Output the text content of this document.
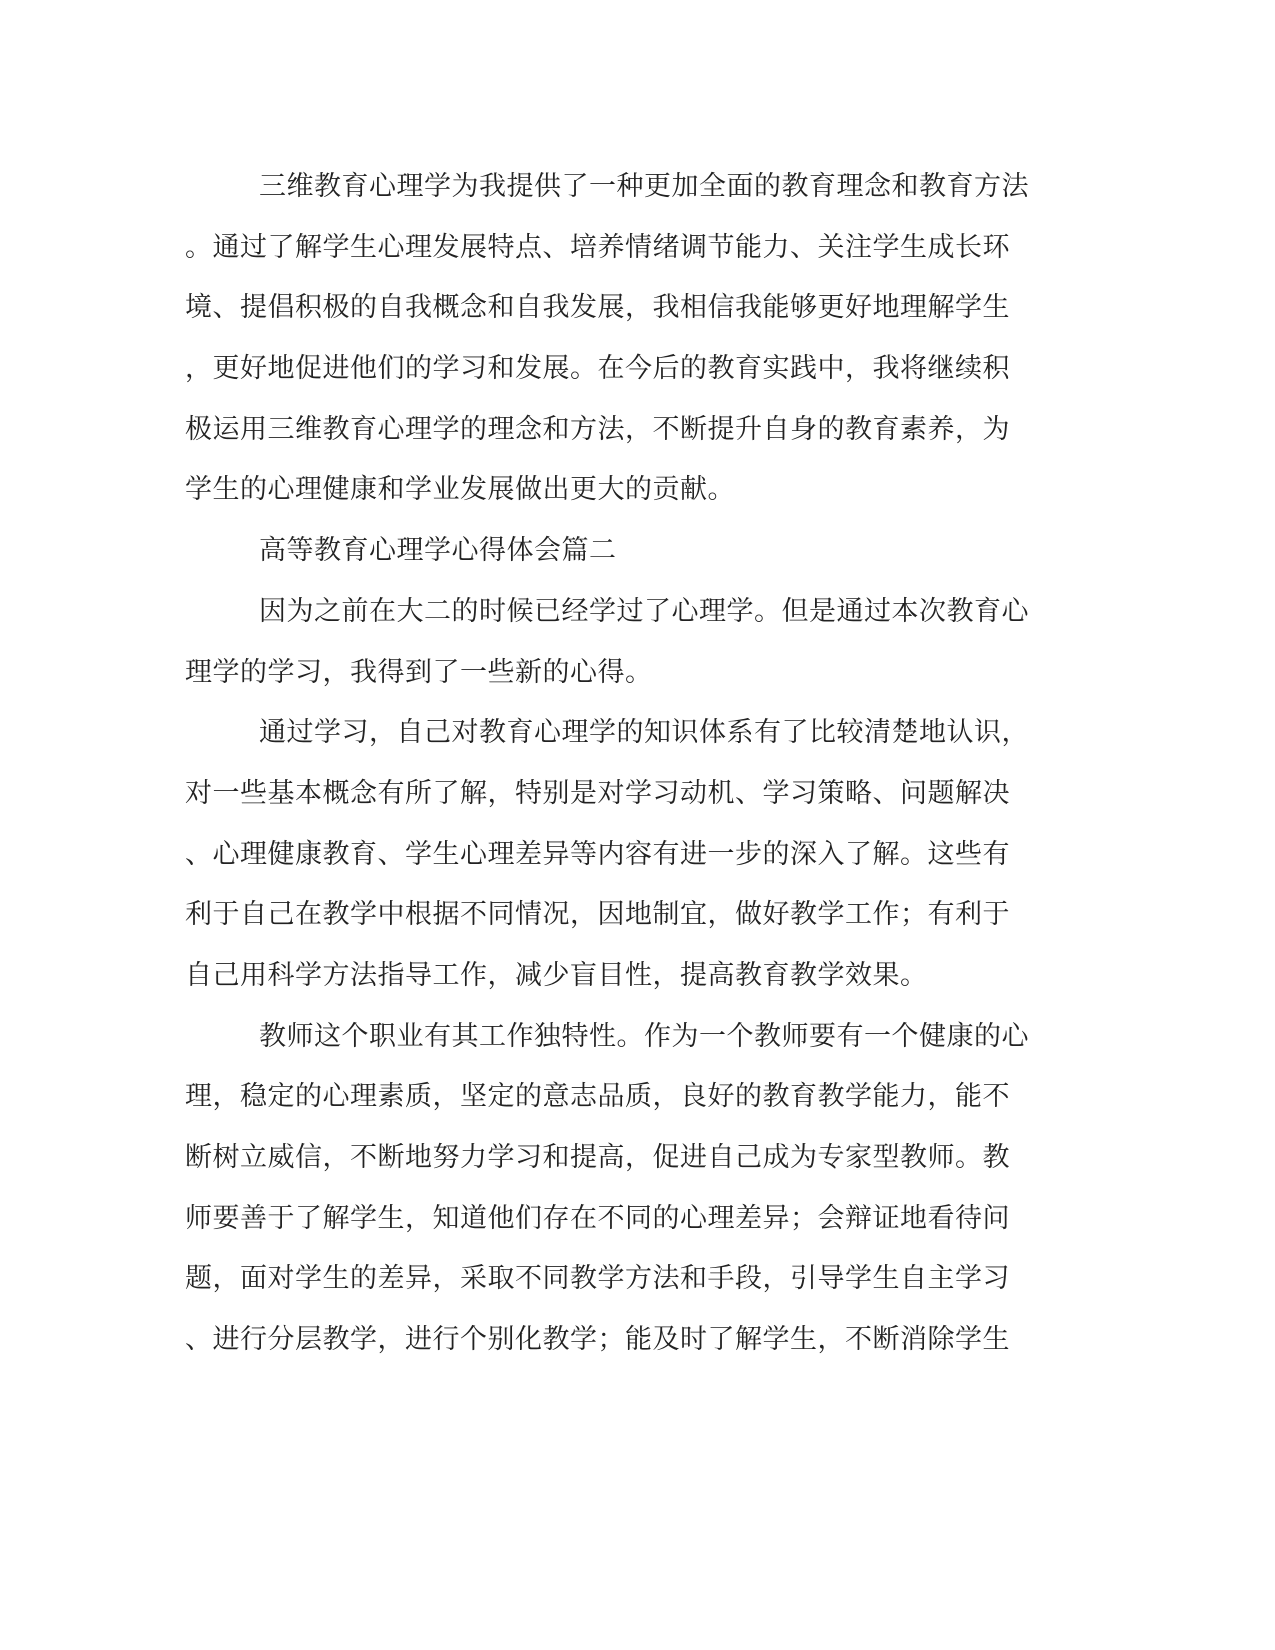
三维教育心理学为我提供了一种更加全面的教育理念和教育方法
。通过了解学生心理发展特点、培养情绪调节能力、关注学生成长环
境、提倡积极的自我概念和自我发展，我相信我能够更好地理解学生
，更好地促进他们的学习和发展。在今后的教育实践中，我将继续积
极运用三维教育心理学的理念和方法，不断提升自身的教育素养，为
学生的心理健康和学业发展做出更大的贡献。
高等教育心理学心得体会篇二
因为之前在大二的时候已经学过了心理学。但是通过本次教育心
理学的学习，我得到了一些新的心得。
通过学习，自己对教育心理学的知识体系有了比较清楚地认识，
对一些基本概念有所了解，特别是对学习动机、学习策略、问题解决
、心理健康教育、学生心理差异等内容有进一步的深入了解。这些有
利于自己在教学中根据不同情况，因地制宜，做好教学工作；有利于
自己用科学方法指导工作，减少盲目性，提高教育教学效果。
教师这个职业有其工作独特性。作为一个教师要有一个健康的心
理，稳定的心理素质，坚定的意志品质，良好的教育教学能力，能不
断树立威信，不断地努力学习和提高，促进自己成为专家型教师。教
师要善于了解学生，知道他们存在不同的心理差异；会辩证地看待问
题，面对学生的差异，采取不同教学方法和手段，引导学生自主学习
、进行分层教学，进行个别化教学；能及时了解学生，不断消除学生
